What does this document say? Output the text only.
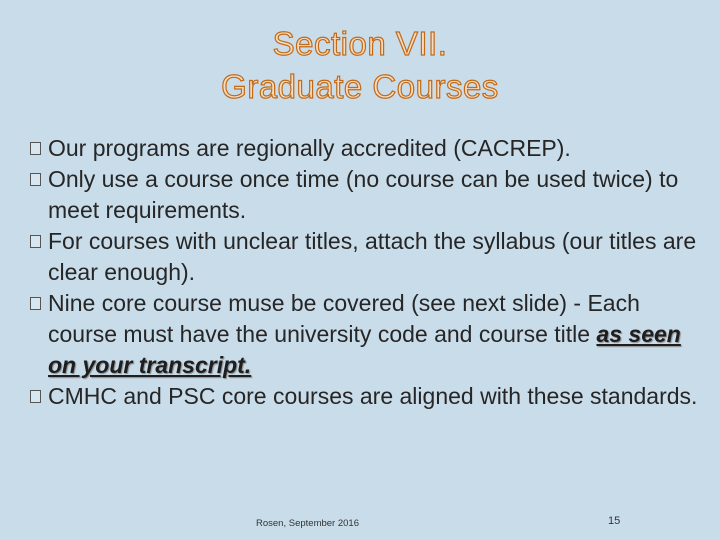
Section VII.
Graduate Courses
Our programs are regionally accredited (CACREP).
Only use a course once time (no course can be used twice) to meet requirements.
For courses with unclear titles, attach the syllabus (our titles are clear enough).
Nine core course muse be covered (see next slide) - Each course must have the university code and course title as seen on your transcript.
CMHC and PSC core courses are aligned with these standards.
Rosen, September 2016	15
